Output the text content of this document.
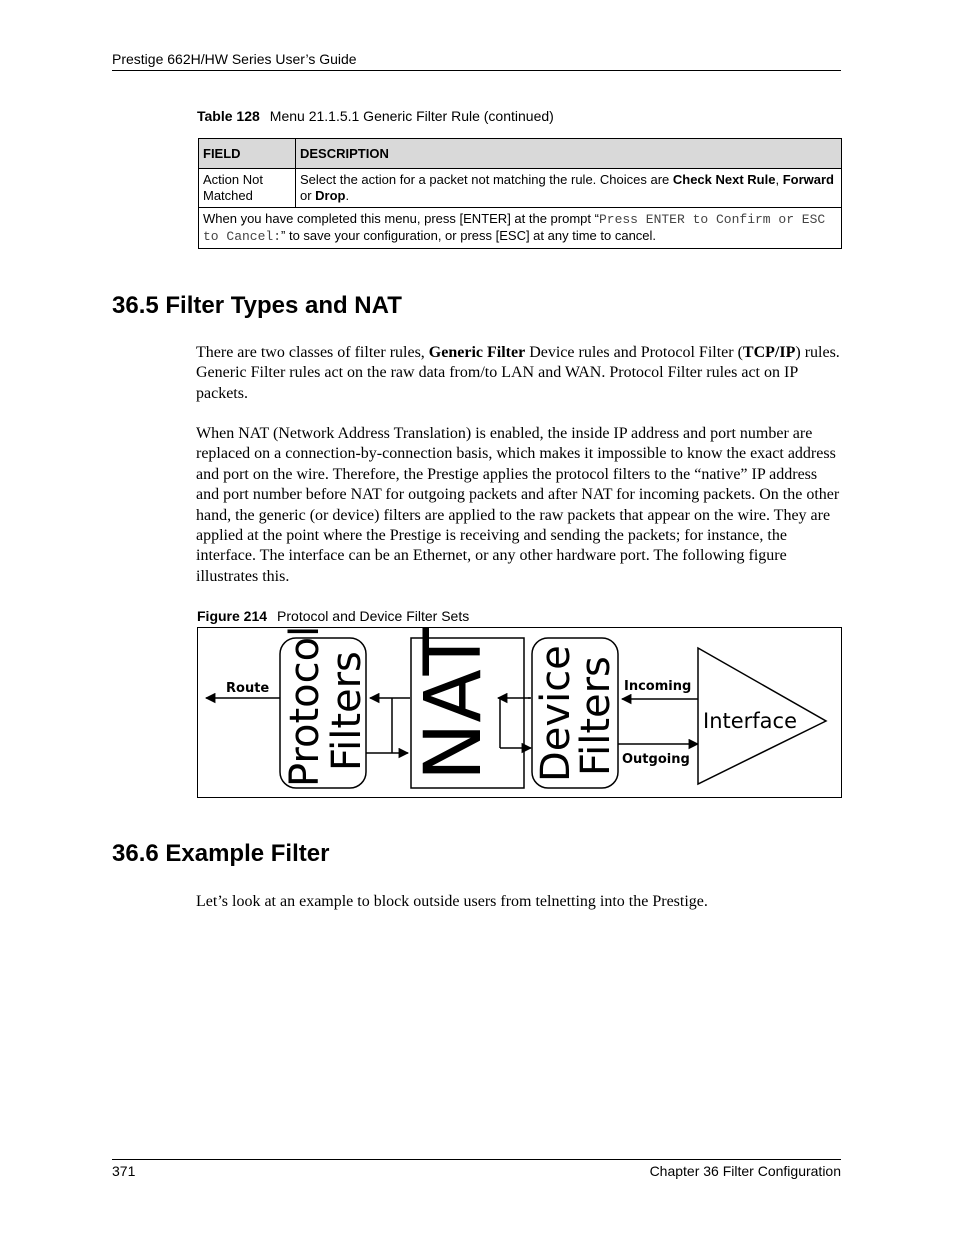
Prestige 662H/HW Series User’s Guide
Table 128 Menu 21.1.5.1 Generic Filter Rule (continued)
FIELD	DESCRIPTION
Action Not Matched	Select the action for a packet not matching the rule. Choices are Check Next Rule, Forward or Drop.
When you have completed this menu, press [ENTER] at the prompt “Press ENTER to Confirm or ESC to Cancel:” to save your configuration, or press [ESC] at any time to cancel.	
36.5 Filter Types and NAT

There are two classes of filter rules, Generic Filter Device rules and Protocol Filter (TCP/IP) rules. Generic Filter rules act on the raw data from/to LAN and WAN. Protocol Filter rules act on IP packets.

When NAT (Network Address Translation) is enabled, the inside IP address and port number are replaced on a connection-by-connection basis, which makes it impossible to know the exact address and port on the wire. Therefore, the Prestige applies the protocol filters to the “native” IP address and port number before NAT for outgoing packets and after NAT for incoming packets. On the other hand, the generic (or device) filters are applied to the raw packets that appear on the wire. They are applied at the point where the Prestige is receiving and sending the packets; for instance, the interface. The interface can be an Ethernet, or any other hardware port. The following figure illustrates this.

Figure 214 Protocol and Device Filter Sets
Route Protocol
Filters NAT Device
Filters Incoming
Outgoing
Interface
36.6 Example Filter

Let’s look at an example to block outside users from telnetting into the Prestige.

371	Chapter 36 Filter Configuration
